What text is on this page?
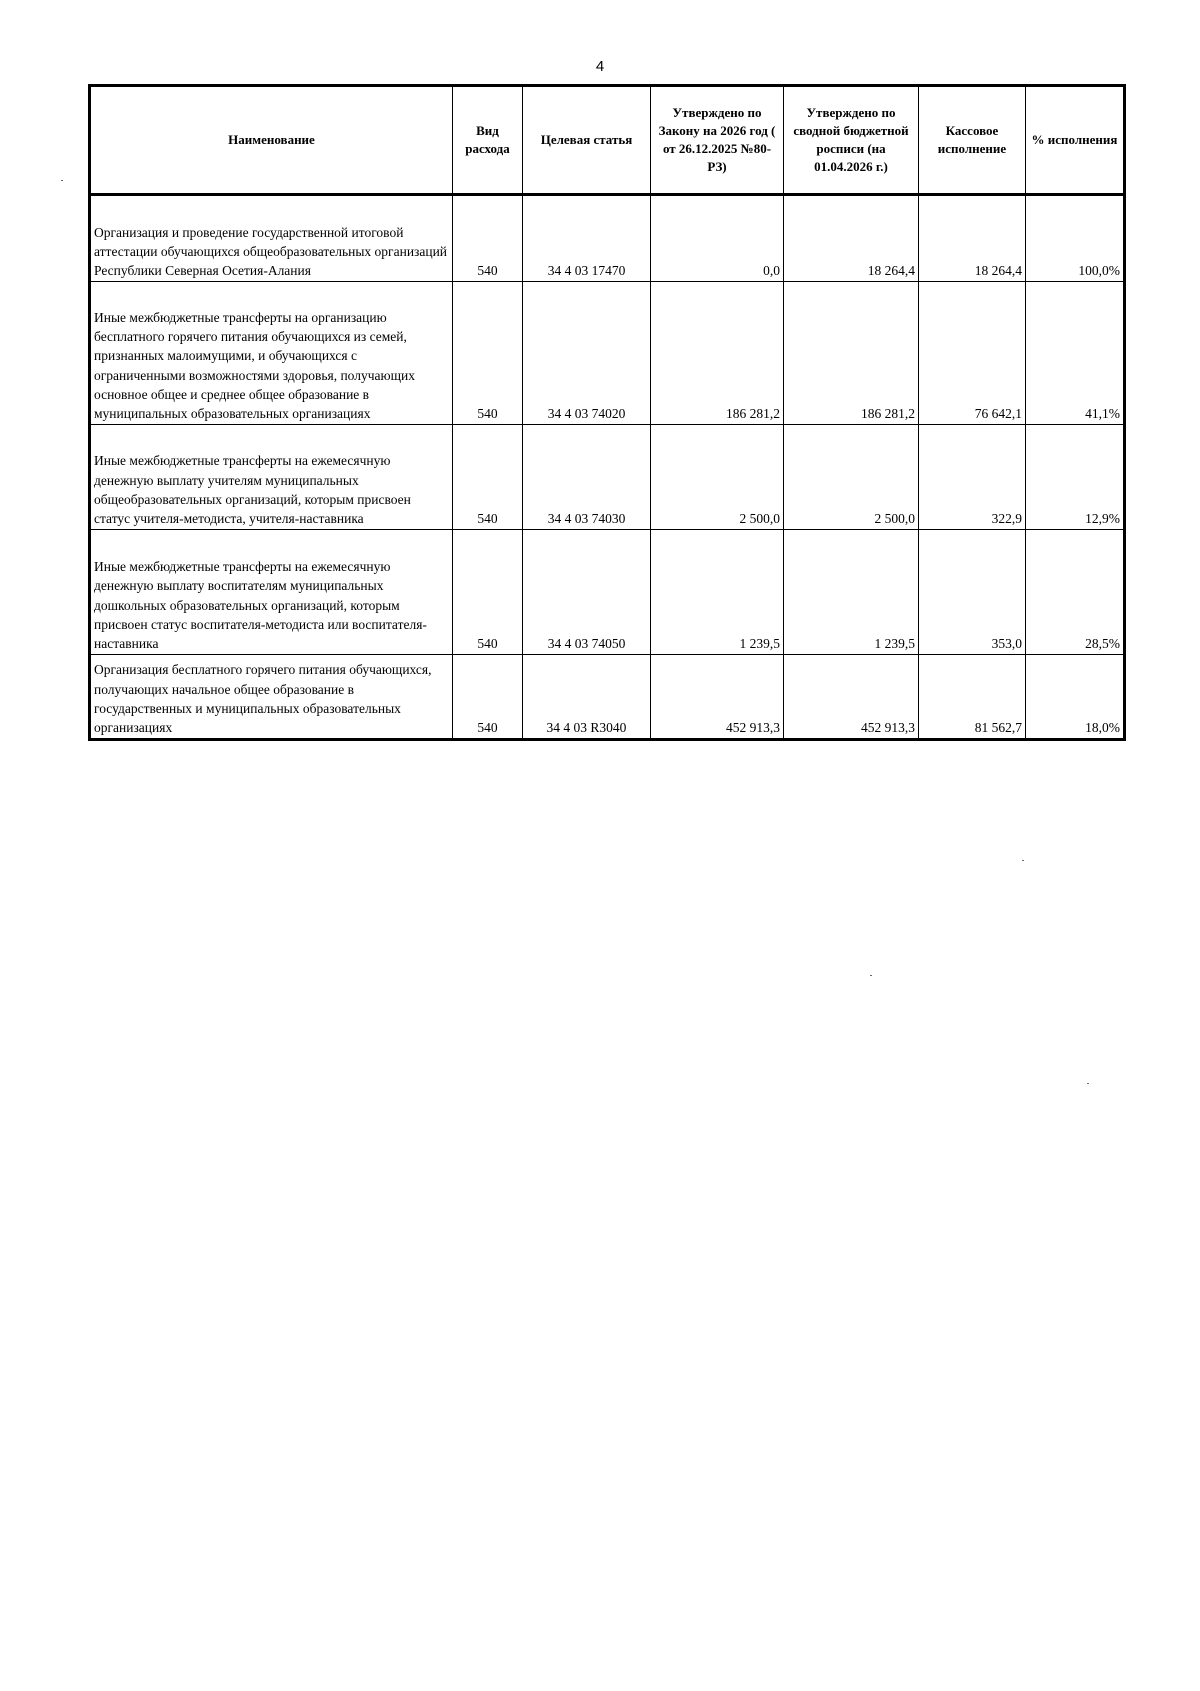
4
Наименование	Вид расхода	Целевая статья	Утверждено по Закону на 2026 год ( от 26.12.2025 №80-РЗ)	Утверждено по сводной бюджетной росписи (на 01.04.2026 г.)	Кассовое исполнение	% исполнения
Организация и проведение государственной итоговой аттестации обучающихся общеобразовательных организаций Республики Северная Осетия-Алания	540	34 4 03 17470	0,0	18 264,4	18 264,4	100,0%
Иные межбюджетные трансферты на организацию бесплатного горячего питания обучающихся из семей, признанных малоимущими, и обучающихся с ограниченными возможностями здоровья, получающих основное общее и среднее общее образование в муниципальных образовательных организациях	540	34 4 03 74020	186 281,2	186 281,2	76 642,1	41,1%
Иные межбюджетные трансферты на ежемесячную денежную выплату учителям муниципальных общеобразовательных организаций, которым присвоен статус учителя-методиста, учителя-наставника	540	34 4 03 74030	2 500,0	2 500,0	322,9	12,9%
Иные межбюджетные трансферты на ежемесячную денежную выплату воспитателям муниципальных дошкольных образовательных организаций, которым присвоен статус воспитателя-методиста или воспитателя-наставника	540	34 4 03 74050	1 239,5	1 239,5	353,0	28,5%
Организация бесплатного горячего питания обучающихся, получающих начальное общее образование в государственных и муниципальных образовательных организациях	540	34 4 03 R3040	452 913,3	452 913,3	81 562,7	18,0%
